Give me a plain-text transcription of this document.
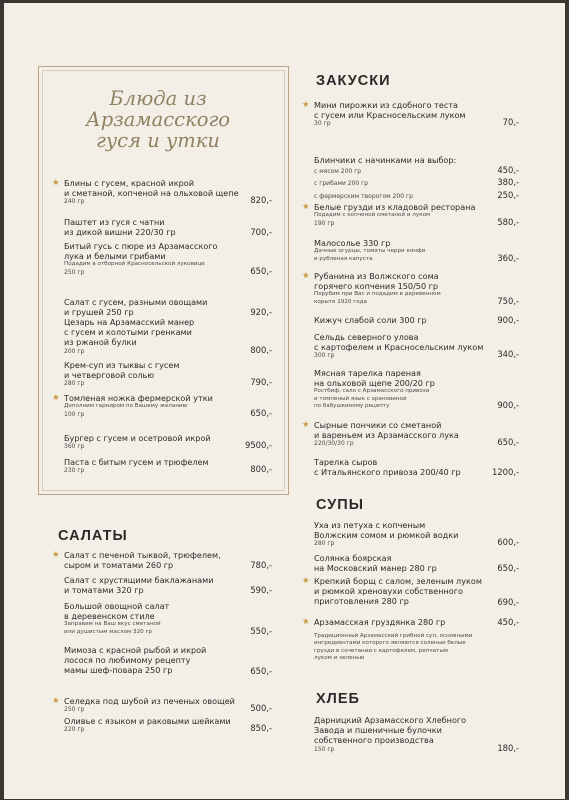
Блюда из
Арзамасского
гуся и утки
ЗАКУСКИ
САЛАТЫ
СУПЫ
ХЛЕБ
★ Блины с гусем, красной икрой
и сметаной, копченой на ольховой щепе
240 гр	820,-
Паштет из гуся с чатни
из дикой вишни 220/30 гр	700,-
Битый гусь с пюре из Арзамасского
лука и белыми грибами
Подадим в отборной Красносельской луковице
250 гр	650,-
Салат с гусем, разными овощами
и грушей 250 гр	920,-
Цезарь на Арзамасский манер
с гусем и колотыми гренками
из ржаной булки
200 гр	800,-
Крем-суп из тыквы с гусем
и четверговой солью
280 гр	790,-
★ Томленая ножка фермерской утки
Дополним гарниром по Вашему желанию
100 гр	650,-
Бургер с гусем и осетровой икрой
360 гр	9500,-
Паста с битым гусем и трюфелем
230 гр	800,-
★ Салат с печеной тыквой, трюфелем,
сыром и томатами 260 гр	780,-
Салат с хрустящими баклажанами
и томатами 320 гр	590,-
Большой овощной салат
в деревенском стиле
Заправим на Ваш вкус сметаной
или душистым маслом 320 гр	550,-
Мимоза с красной рыбой и икрой
лосося по любимому рецепту
мамы шеф-повара 250 гр	650,-
★ Селедка под шубой из печеных овощей
250 гр	500,-
Оливье с языком и раковыми шейками
220 гр	850,-
★ Мини пирожки из сдобного теста
с гусем или Красносельским луком
30 гр	70,-
Блинчики с начинками на выбор:
с мясом 200 гр	450,-
с грибами 200 гр	380,-
с фермерским творогом 200 гр	250,-
★ Белые грузди из кладовой ресторана
Подадим с копченой сметаной и луком
190 гр	580,-
Малосолье 330 гр
Дачные огурцы, томаты черри конфи
и рубленая капуста	360,-
★ Рубанина из Волжского сома
горячего копчения 150/50 гр
Порубим при Вас и подадим в деревенном
корыте 1920 года	750,-
Кижуч слабой соли 300 гр	900,-
Сельдь северного улова
с картофелем и Красносельским луком
300 гр	340,-
Мясная тарелка пареная
на ольховой щепе 200/20 гр
Ростбиф, сало с Арзамасского привоза
и томленый язык с хреновиной
по бабушкиному рецепту	900,-
★ Сырные пончики со сметаной
и вареньем из Арзамасского лука
220/30/30 гр	650,-
Тарелка сыров
с Итальянского привоза 200/40 гр	1200,-
Уха из петуха с копченым
Волжским сомом и рюмкой водки
280 гр	600,-
Солянка боярская
на Московский манер 280 гр	650,-
★ Крепкий борщ с салом, зеленым луком
и рюмкой хреновухи собственного
приготовления 280 гр	690,-
★ Арзамасская груздянка 280 гр	450,-
Традиционный Арзамасский грибной суп, основными
ингредиентами которого являются соленые белые
грузди в сочетании с картофелем, репчатым
луком и зеленью
Дарницкий Арзамасского Хлебного
Завода и пшеничные булочки
собственного производства
150 гр	180,-
